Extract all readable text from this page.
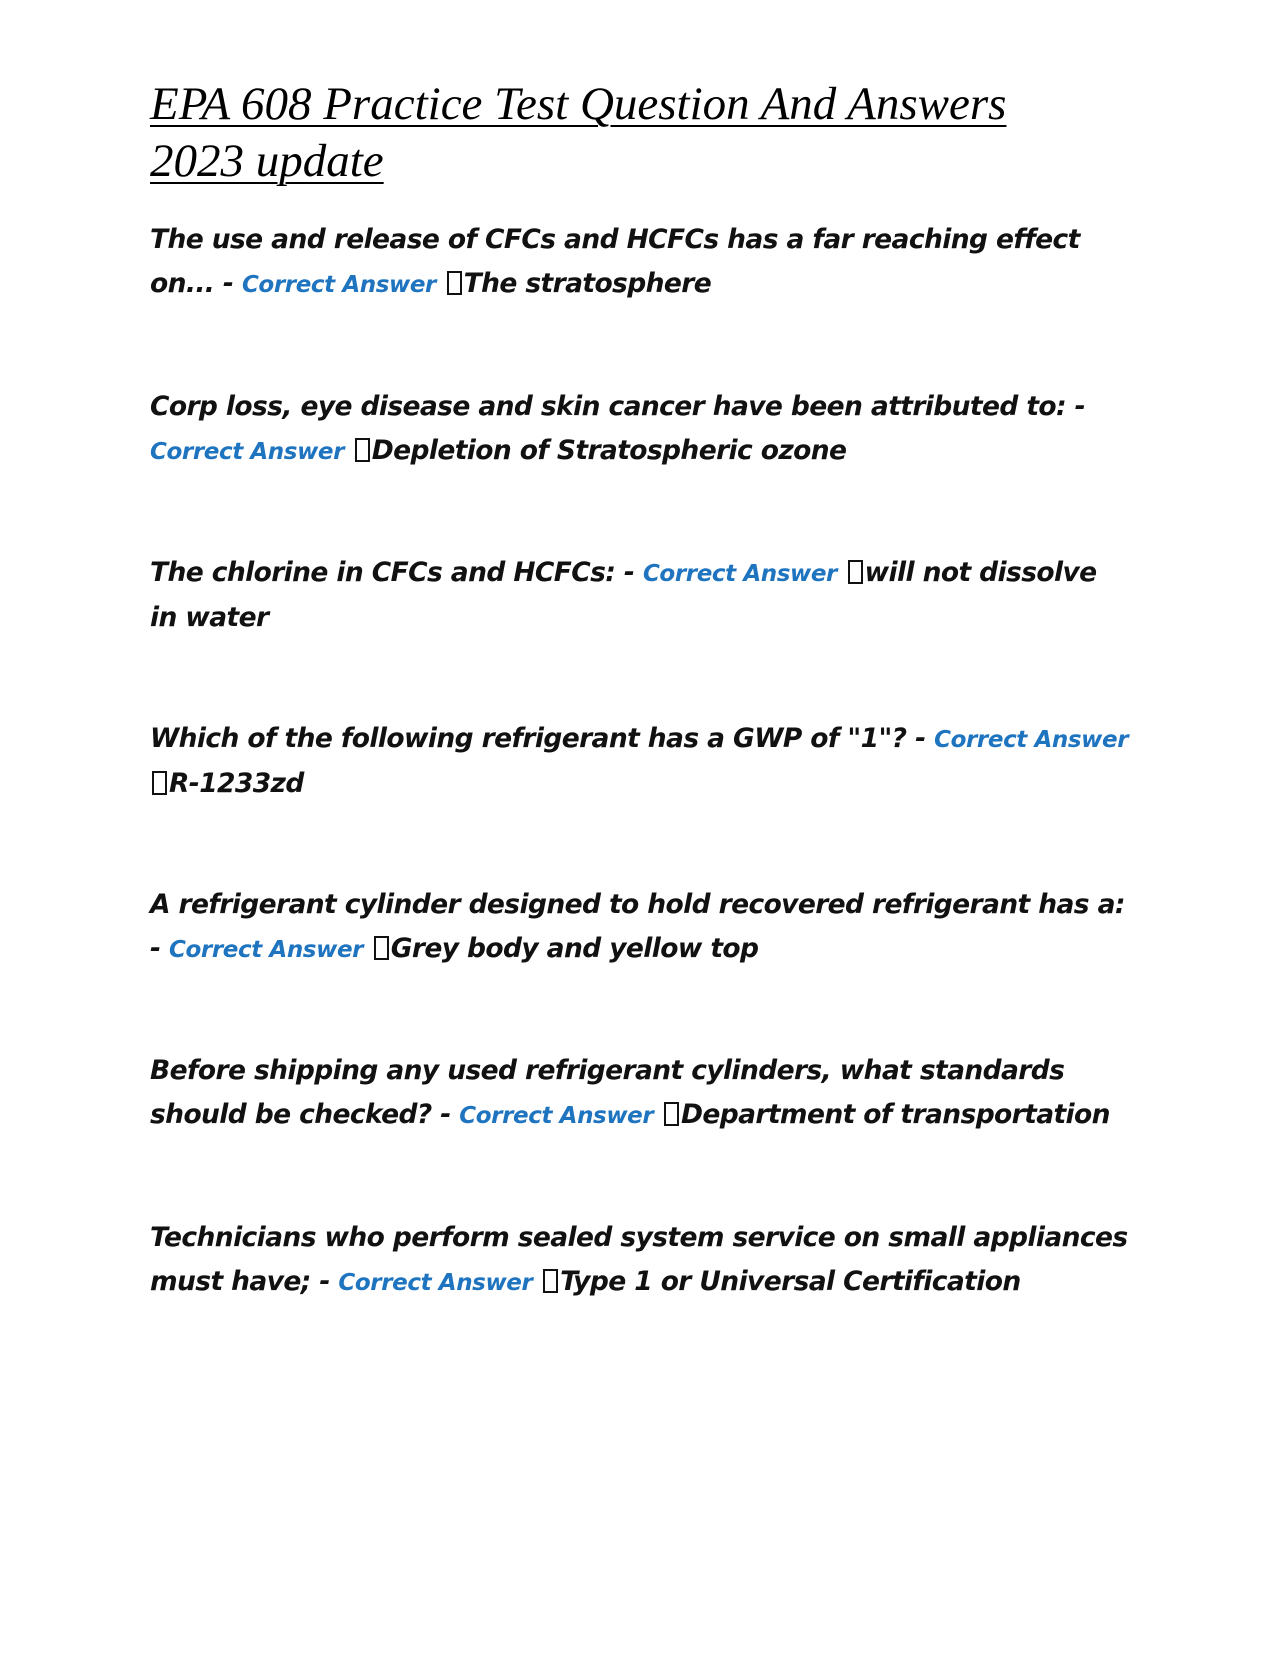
EPA 608 Practice Test Question And Answers
2023 update

The use and release of CFCs and HCFCs has a far reaching effect on... - Correct Answer The stratosphere

Corp loss, eye disease and skin cancer have been attributed to: - Correct Answer Depletion of Stratospheric ozone

The chlorine in CFCs and HCFCs: - Correct Answer will not dissolve in water

Which of the following refrigerant has a GWP of "1"? - Correct Answer R-1233zd

A refrigerant cylinder designed to hold recovered refrigerant has a: - Correct Answer Grey body and yellow top

Before shipping any used refrigerant cylinders, what standards should be checked? - Correct Answer Department of transportation

Technicians who perform sealed system service on small appliances must have; - Correct Answer Type 1 or Universal Certification
